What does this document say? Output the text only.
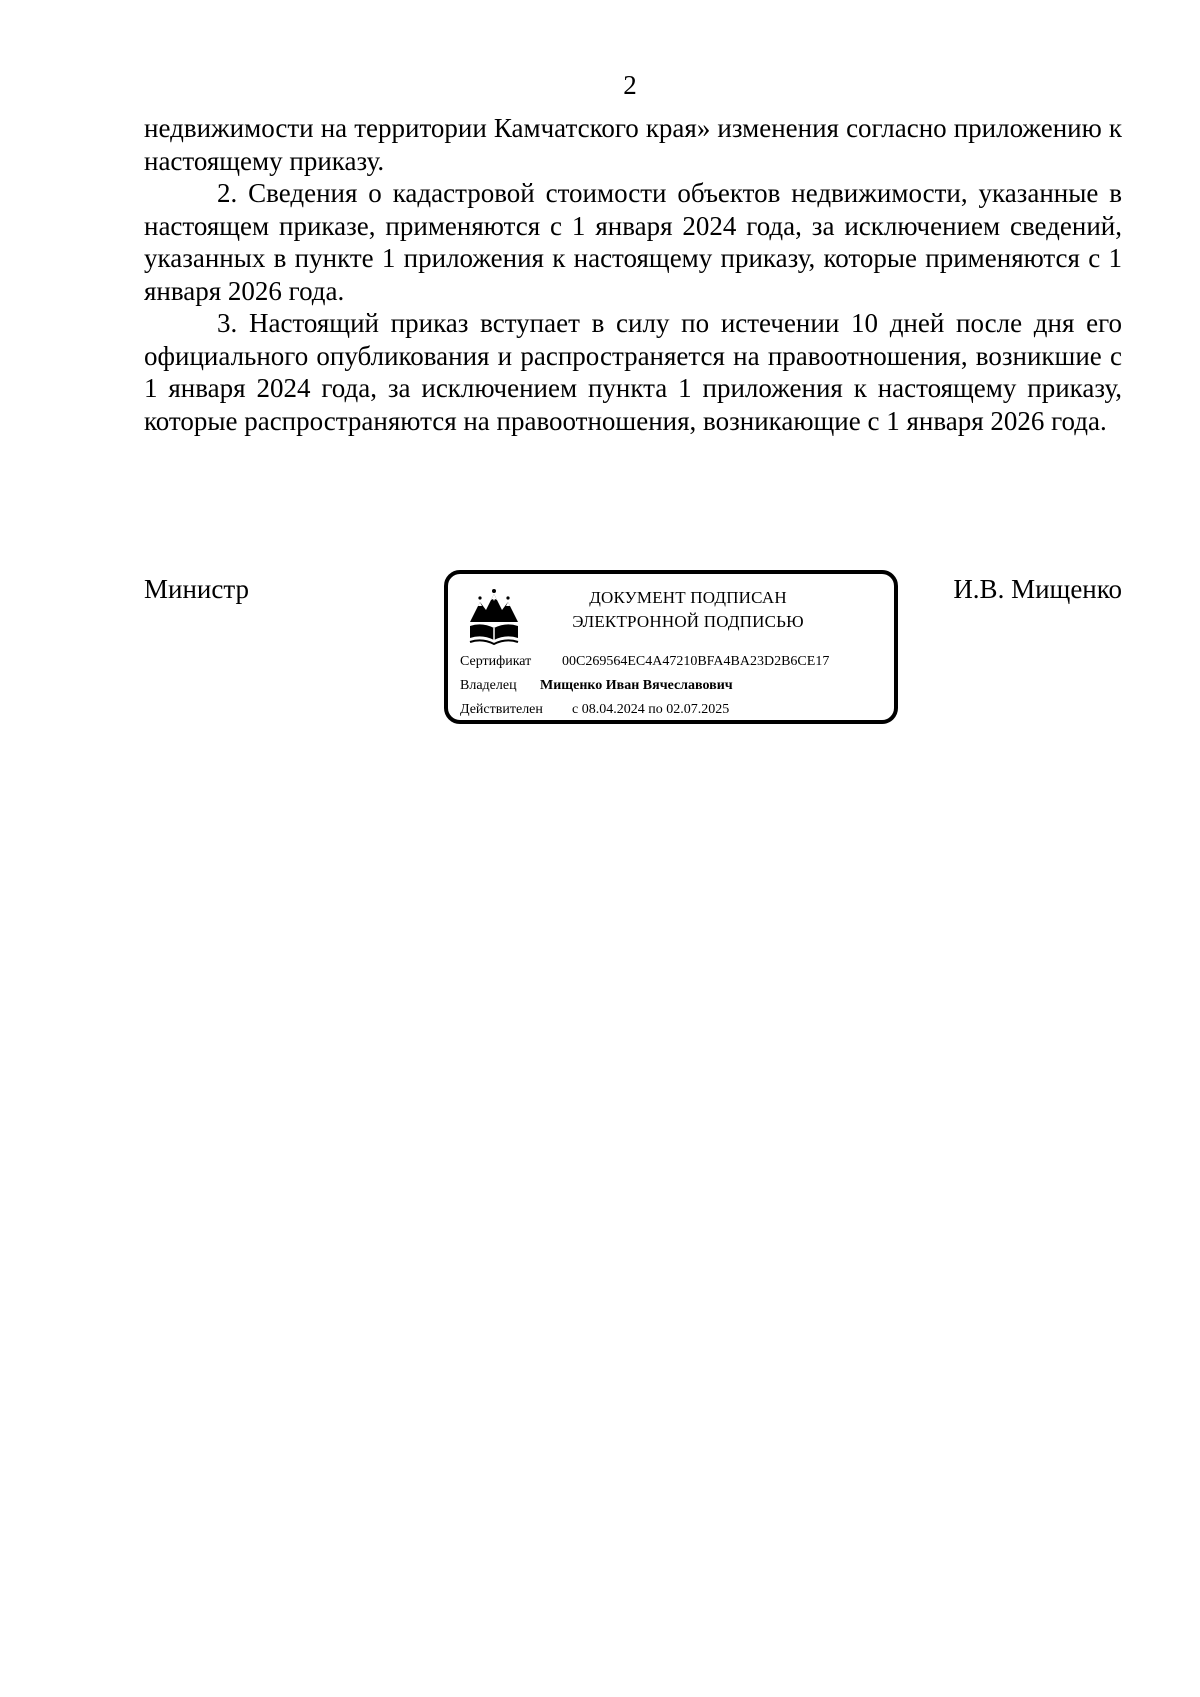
2

недвижимости на территории Камчатского края» изменения согласно приложению к настоящему приказу.

2. Сведения о кадастровой стоимости объектов недвижимости, указанные в настоящем приказе, применяются с 1 января 2024 года, за исключением сведений, указанных в пункте 1 приложения к настоящему приказу, которые применяются с 1 января 2026 года.

3. Настоящий приказ вступает в силу по истечении 10 дней после дня его официального опубликования и распространяется на правоотношения, возникшие с 1 января 2024 года, за исключением пункта 1 приложения к настоящему приказу, которые распространяются на правоотношения, возникающие с 1 января 2026 года.

Министр	ДОКУМЕНТ ПОДПИСАН
ЭЛЕКТРОННОЙ ПОДПИСЬЮ
Сертификат 00C269564EC4A47210BFA4BA23D2B6CE17
Владелец Мищенко Иван Вячеславович
Действителен с 08.04.2024 по 02.07.2025
И.В. Мищенко
